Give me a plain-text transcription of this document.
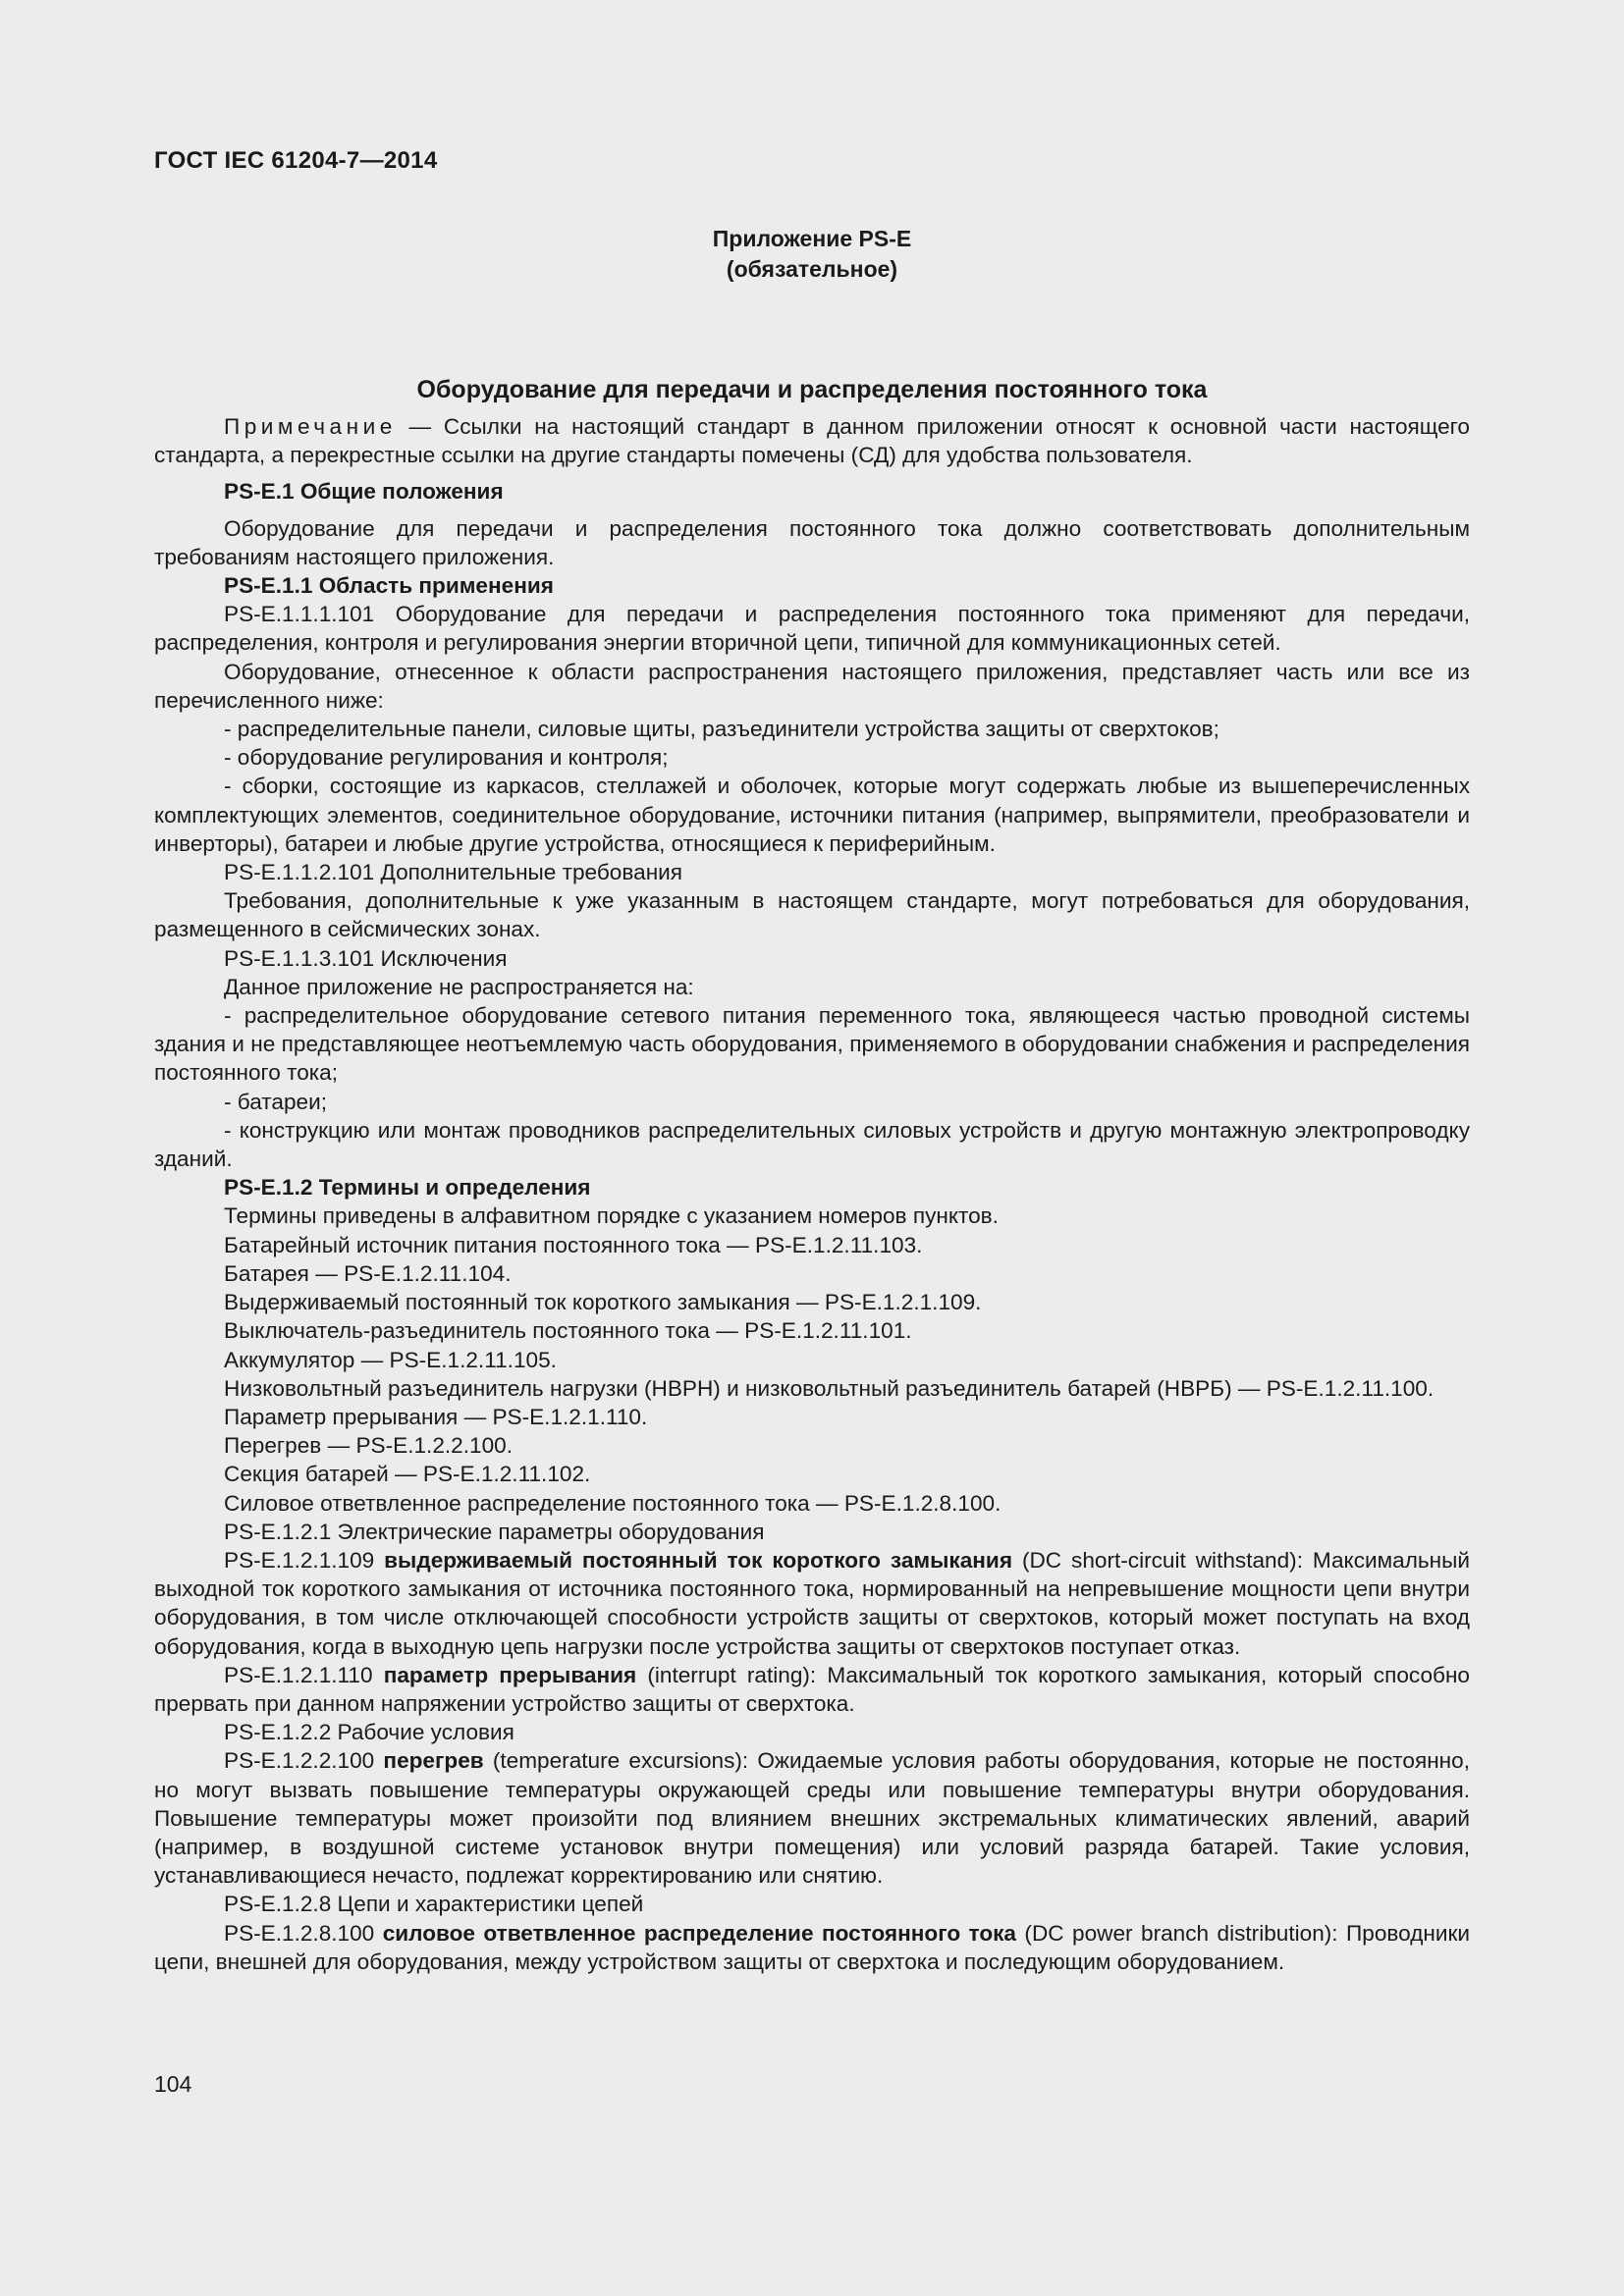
ГОСТ IEC 61204-7—2014
Приложение PS-E
(обязательное)
Оборудование для передачи и распределения постоянного тока

Примечание — Ссылки на настоящий стандарт в данном приложении относят к основной части настоящего стандарта, а перекрестные ссылки на другие стандарты помечены (СД) для удобства пользователя.

PS-E.1 Общие положения

Оборудование для передачи и распределения постоянного тока должно соответствовать дополнительным требованиям настоящего приложения.

PS-E.1.1 Область применения

PS-E.1.1.1.101 Оборудование для передачи и распределения постоянного тока применяют для передачи, распределения, контроля и регулирования энергии вторичной цепи, типичной для коммуникационных сетей.

Оборудование, отнесенное к области распространения настоящего приложения, представляет часть или все из перечисленного ниже:

- распределительные панели, силовые щиты, разъединители устройства защиты от сверхтоков;

- оборудование регулирования и контроля;

- сборки, состоящие из каркасов, стеллажей и оболочек, которые могут содержать любые из вышеперечисленных комплектующих элементов, соединительное оборудование, источники питания (например, выпрямители, преобразователи и инверторы), батареи и любые другие устройства, относящиеся к периферийным.

PS-E.1.1.2.101 Дополнительные требования

Требования, дополнительные к уже указанным в настоящем стандарте, могут потребоваться для оборудования, размещенного в сейсмических зонах.

PS-E.1.1.3.101 Исключения

Данное приложение не распространяется на:

- распределительное оборудование сетевого питания переменного тока, являющееся частью проводной системы здания и не представляющее неотъемлемую часть оборудования, применяемого в оборудовании снабжения и распределения постоянного тока;

- батареи;

- конструкцию или монтаж проводников распределительных силовых устройств и другую монтажную электропроводку зданий.

PS-E.1.2 Термины и определения

Термины приведены в алфавитном порядке с указанием номеров пунктов.

Батарейный источник питания постоянного тока — PS-E.1.2.11.103.

Батарея — PS-E.1.2.11.104.

Выдерживаемый постоянный ток короткого замыкания — PS-E.1.2.1.109.

Выключатель-разъединитель постоянного тока — PS-E.1.2.11.101.

Аккумулятор — PS-E.1.2.11.105.

Низковольтный разъединитель нагрузки (НВРН) и низковольтный разъединитель батарей (НВРБ) — PS-E.1.2.11.100.

Параметр прерывания — PS-E.1.2.1.110.

Перегрев — PS-E.1.2.2.100.

Секция батарей — PS-E.1.2.11.102.

Силовое ответвленное распределение постоянного тока — PS-E.1.2.8.100.

PS-E.1.2.1 Электрические параметры оборудования

PS-E.1.2.1.109 выдерживаемый постоянный ток короткого замыкания (DC short-circuit withstand): Максимальный выходной ток короткого замыкания от источника постоянного тока, нормированный на непревышение мощности цепи внутри оборудования, в том числе отключающей способности устройств защиты от сверхтоков, который может поступать на вход оборудования, когда в выходную цепь нагрузки после устройства защиты от сверхтоков поступает отказ.

PS-E.1.2.1.110 параметр прерывания (interrupt rating): Максимальный ток короткого замыкания, который способно прервать при данном напряжении устройство защиты от сверхтока.

PS-E.1.2.2 Рабочие условия

PS-E.1.2.2.100 перегрев (temperature excursions): Ожидаемые условия работы оборудования, которые не постоянно, но могут вызвать повышение температуры окружающей среды или повышение температуры внутри оборудования. Повышение температуры может произойти под влиянием внешних экстремальных климатических явлений, аварий (например, в воздушной системе установок внутри помещения) или условий разряда батарей. Такие условия, устанавливающиеся нечасто, подлежат корректированию или снятию.

PS-E.1.2.8 Цепи и характеристики цепей

PS-E.1.2.8.100 силовое ответвленное распределение постоянного тока (DC power branch distribution): Проводники цепи, внешней для оборудования, между устройством защиты от сверхтока и последующим оборудованием.

104
